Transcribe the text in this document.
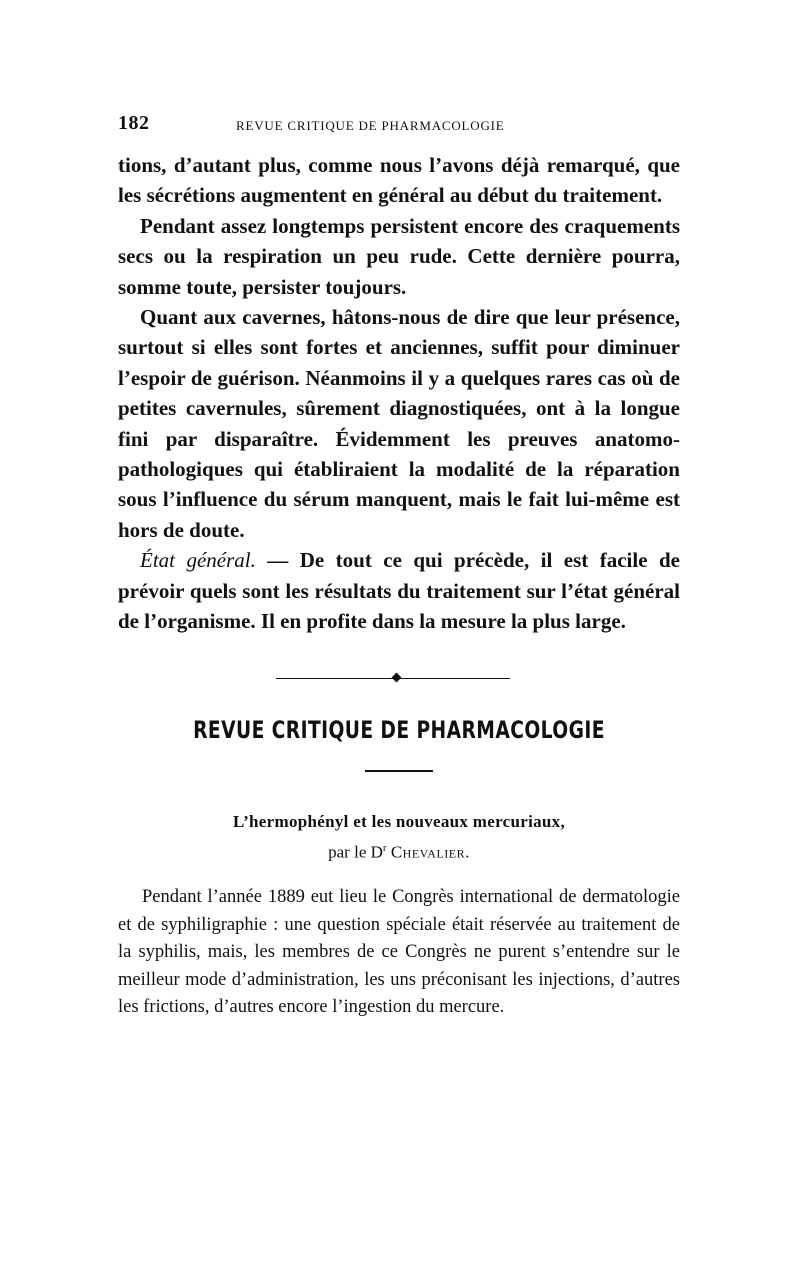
182	REVUE CRITIQUE DE PHARMACOLOGIE

tions, d’autant plus, comme nous l’avons déjà remarqué, que les sécrétions augmentent en général au début du traitement.

Pendant assez longtemps persistent encore des craquements secs ou la respiration un peu rude. Cette dernière pourra, somme toute, persister toujours.

Quant aux cavernes, hâtons-nous de dire que leur présence, surtout si elles sont fortes et anciennes, suffit pour diminuer l’espoir de guérison. Néanmoins il y a quelques rares cas où de petites cavernules, sûrement diagnostiquées, ont à la longue fini par disparaître. Évidemment les preuves anatomo-pathologiques qui établiraient la modalité de la réparation sous l’influence du sérum manquent, mais le fait lui-même est hors de doute.

État général. — De tout ce qui précède, il est facile de prévoir quels sont les résultats du traitement sur l’état général de l’organisme. Il en profite dans la mesure la plus large.

REVUE CRITIQUE DE PHARMACOLOGIE
L’hermophényl et les nouveaux mercuriaux,
par le $D^r$ Chevalier.

Pendant l’année 1889 eut lieu le Congrès international de dermatologie et de syphiligraphie : une question spéciale était réservée au traitement de la syphilis, mais, les membres de ce Congrès ne purent s’entendre sur le meilleur mode d’administration, les uns préconisant les injections, d’autres les frictions, d’autres encore l’ingestion du mercure.
